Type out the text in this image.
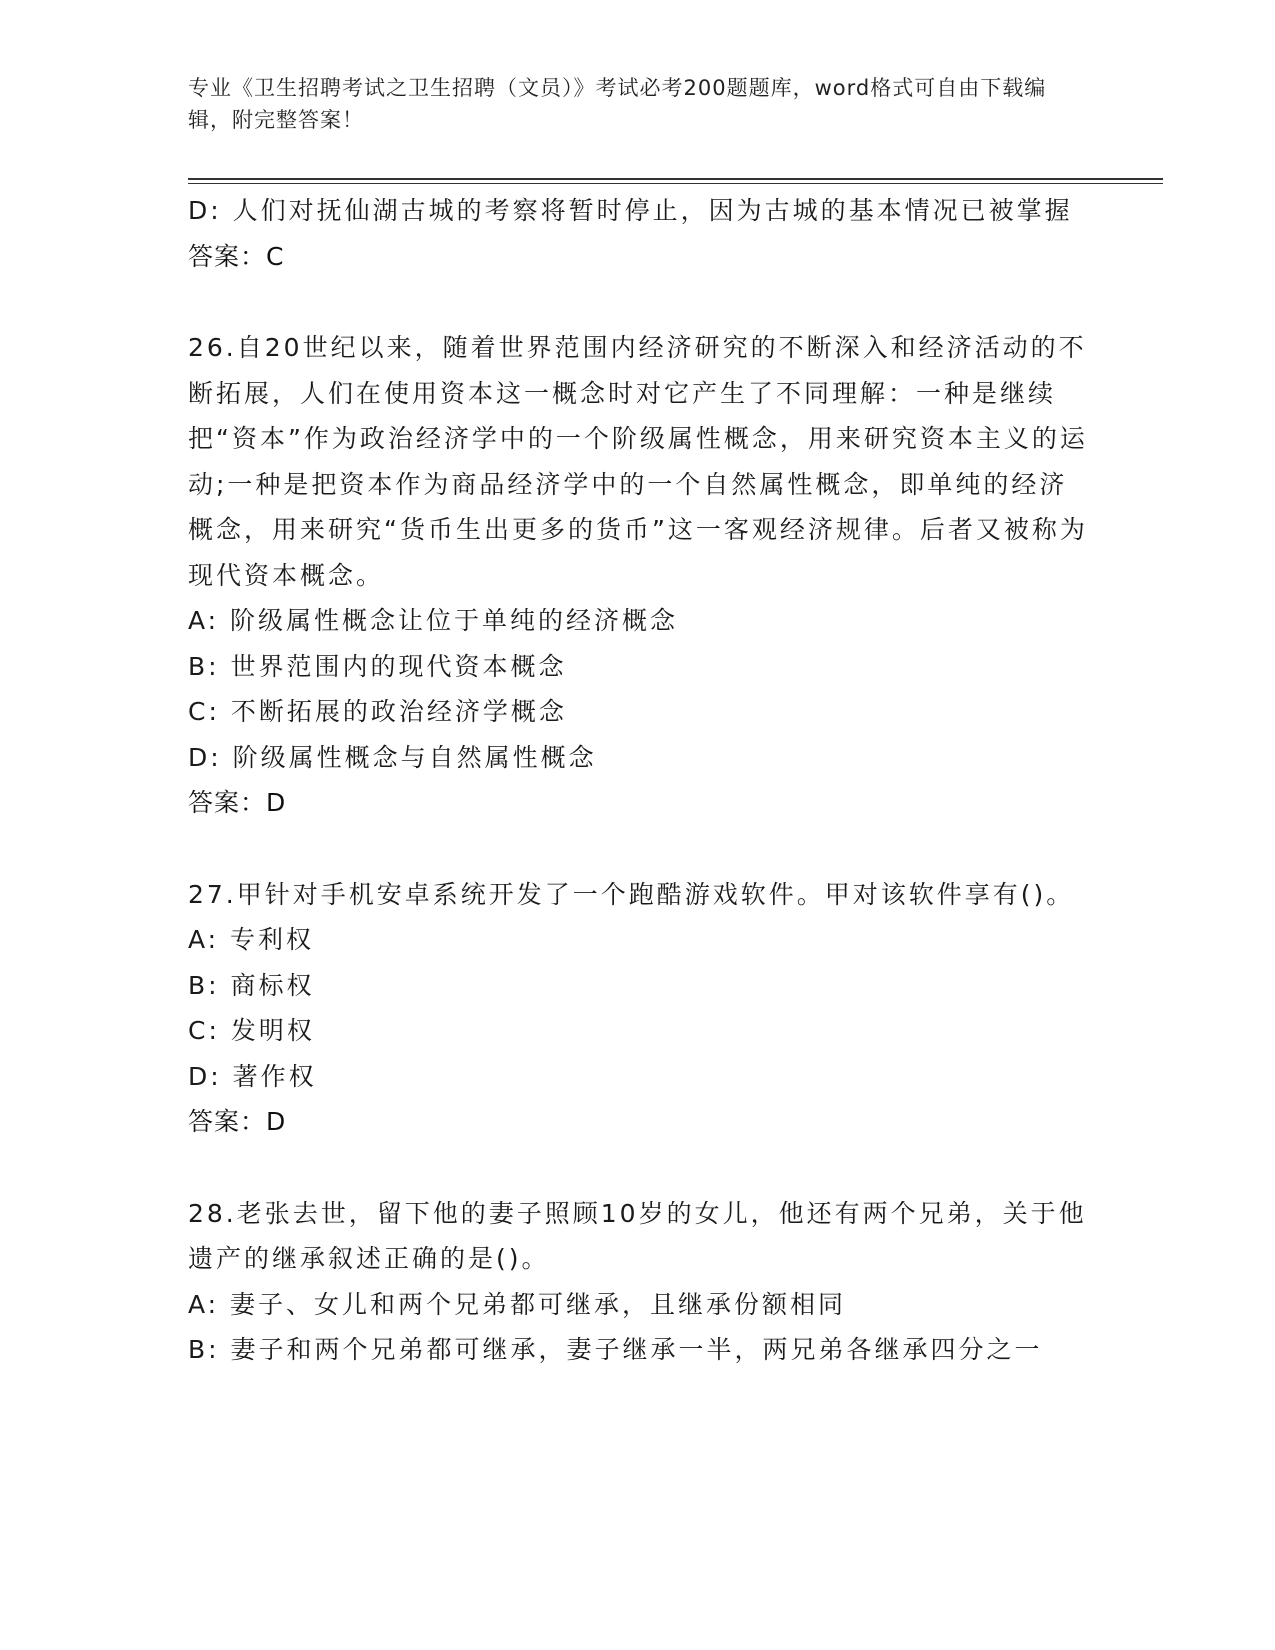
专业《卫生招聘考试之卫生招聘（文员）》考试必考200题题库，word格式可自由下载编辑，附完整答案！

D: 人们对抚仙湖古城的考察将暂时停止，因为古城的基本情况已被掌握

答案：C

26.自20世纪以来，随着世界范围内经济研究的不断深入和经济活动的不断拓展，人们在使用资本这一概念时对它产生了不同理解：一种是继续把“资本”作为政治经济学中的一个阶级属性概念，用来研究资本主义的运动;一种是把资本作为商品经济学中的一个自然属性概念，即单纯的经济概念，用来研究“货币生出更多的货币”这一客观经济规律。后者又被称为现代资本概念。

A: 阶级属性概念让位于单纯的经济概念

B: 世界范围内的现代资本概念

C: 不断拓展的政治经济学概念

D: 阶级属性概念与自然属性概念

答案：D

27.甲针对手机安卓系统开发了一个跑酷游戏软件。甲对该软件享有()。

A: 专利权

B: 商标权

C: 发明权

D: 著作权

答案：D

28.老张去世，留下他的妻子照顾10岁的女儿，他还有两个兄弟，关于他遗产的继承叙述正确的是()。

A: 妻子、女儿和两个兄弟都可继承，且继承份额相同

B: 妻子和两个兄弟都可继承，妻子继承一半，两兄弟各继承四分之一
